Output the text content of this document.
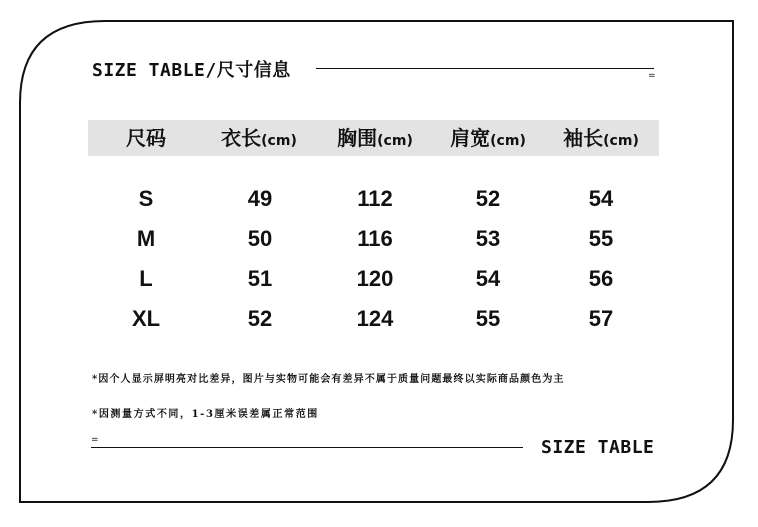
SIZE TABLE/尺寸信息	=
尺码	衣长(cm)	胸围(cm)	肩宽(cm)	袖长(cm)
S	49	112	52	54
M	50	116	53	55
L	51	120	54	56
XL	52	124	55	57
*因个人显示屏明亮对比差异，图片与实物可能会有差异不属于质量问题最终以实际商品颜色为主
*因测量方式不同，1-3厘米误差属正常范围
=	SIZE TABLE
